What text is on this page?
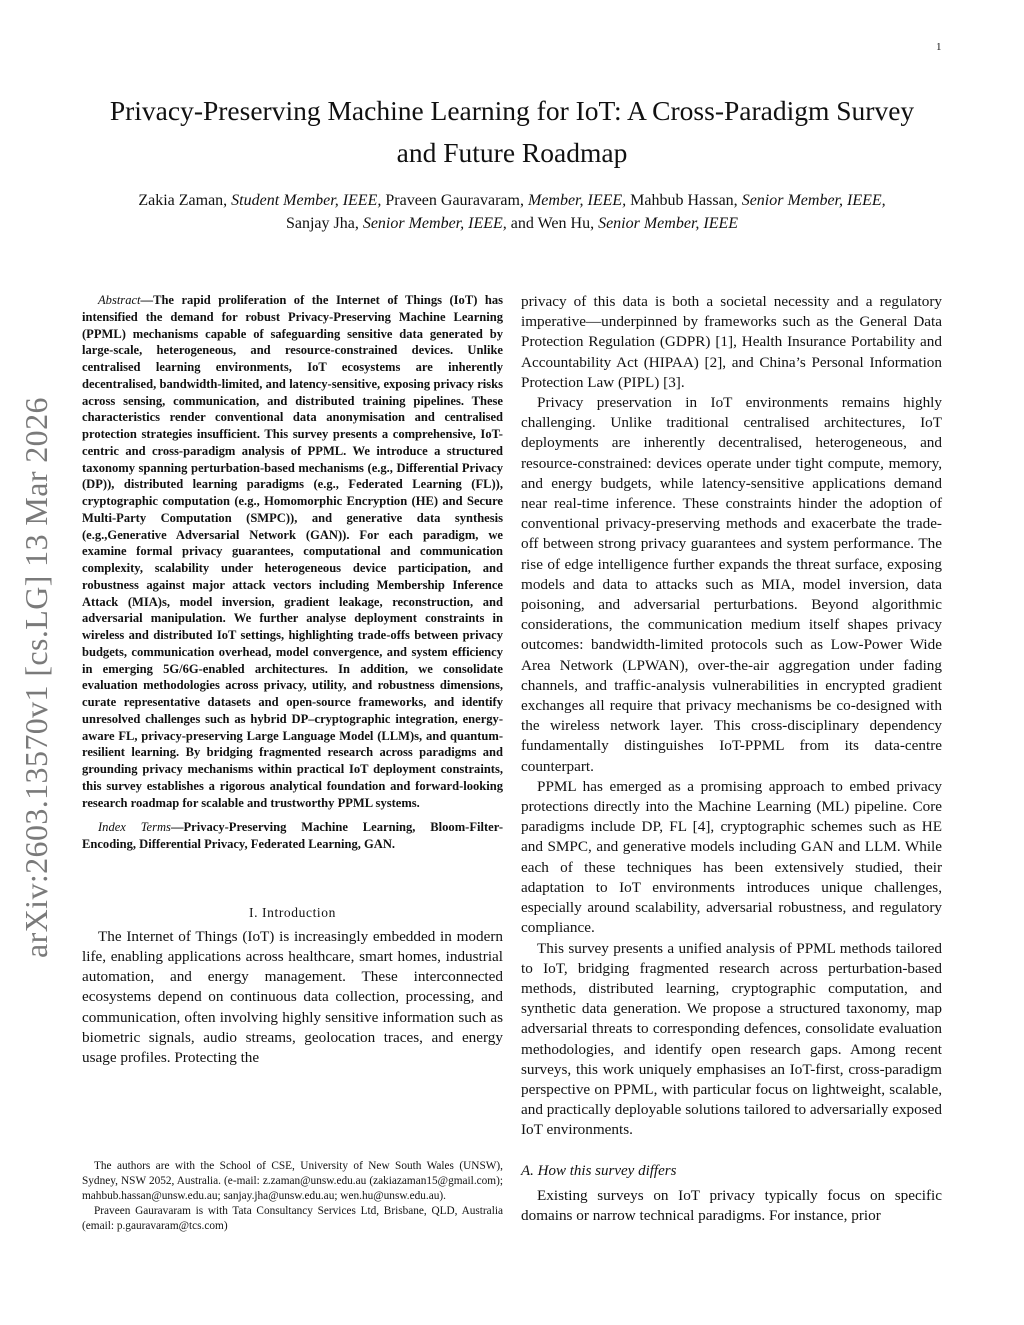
1
arXiv:2603.13570v1 [cs.LG] 13 Mar 2026
Privacy-Preserving Machine Learning for IoT: A Cross-Paradigm Survey and Future Roadmap
Zakia Zaman, Student Member, IEEE, Praveen Gauravaram, Member, IEEE, Mahbub Hassan, Senior Member, IEEE, Sanjay Jha, Senior Member, IEEE, and Wen Hu, Senior Member, IEEE

Abstract—The rapid proliferation of the Internet of Things (IoT) has intensified the demand for robust Privacy-Preserving Machine Learning (PPML) mechanisms capable of safeguarding sensitive data generated by large-scale, heterogeneous, and resource-constrained devices. Unlike centralised learning environments, IoT ecosystems are inherently decentralised, bandwidth-limited, and latency-sensitive, exposing privacy risks across sensing, communication, and distributed training pipelines. These characteristics render conventional data anonymisation and centralised protection strategies insufficient. This survey presents a comprehensive, IoT-centric and cross-paradigm analysis of PPML. We introduce a structured taxonomy spanning perturbation-based mechanisms (e.g., Differential Privacy (DP)), distributed learning paradigms (e.g., Federated Learning (FL)), cryptographic computation (e.g., Homomorphic Encryption (HE) and Secure Multi-Party Computation (SMPC)), and generative data synthesis (e.g.,Generative Adversarial Network (GAN)). For each paradigm, we examine formal privacy guarantees, computational and communication complexity, scalability under heterogeneous device participation, and robustness against major attack vectors including Membership Inference Attack (MIA)s, model inversion, gradient leakage, reconstruction, and adversarial manipulation. We further analyse deployment constraints in wireless and distributed IoT settings, highlighting trade-offs between privacy budgets, communication overhead, model convergence, and system efficiency in emerging 5G/6G-enabled architectures. In addition, we consolidate evaluation methodologies across privacy, utility, and robustness dimensions, curate representative datasets and open-source frameworks, and identify unresolved challenges such as hybrid DP–cryptographic integration, energy-aware FL, privacy-preserving Large Language Model (LLM)s, and quantum-resilient learning. By bridging fragmented research across paradigms and grounding privacy mechanisms within practical IoT deployment constraints, this survey establishes a rigorous analytical foundation and forward-looking research roadmap for scalable and trustworthy PPML systems.

Index Terms—Privacy-Preserving Machine Learning, Bloom-Filter-Encoding, Differential Privacy, Federated Learning, GAN.

I. Introduction

The Internet of Things (IoT) is increasingly embedded in modern life, enabling applications across healthcare, smart homes, industrial automation, and energy management. These interconnected ecosystems depend on continuous data collection, processing, and communication, often involving highly sensitive information such as biometric signals, audio streams, geolocation traces, and energy usage profiles. Protecting the

The authors are with the School of CSE, University of New South Wales (UNSW), Sydney, NSW 2052, Australia. (e-mail: z.zaman@unsw.edu.au (zakiazaman15@gmail.com); mahbub.hassan@unsw.edu.au; sanjay.jha@unsw.edu.au; wen.hu@unsw.edu.au).

Praveen Gauravaram is with Tata Consultancy Services Ltd, Brisbane, QLD, Australia (email: p.gauravaram@tcs.com)

privacy of this data is both a societal necessity and a regulatory imperative—underpinned by frameworks such as the General Data Protection Regulation (GDPR) [1], Health Insurance Portability and Accountability Act (HIPAA) [2], and China’s Personal Information Protection Law (PIPL) [3].

Privacy preservation in IoT environments remains highly challenging. Unlike traditional centralised architectures, IoT deployments are inherently decentralised, heterogeneous, and resource-constrained: devices operate under tight compute, memory, and energy budgets, while latency-sensitive applications demand near real-time inference. These constraints hinder the adoption of conventional privacy-preserving methods and exacerbate the trade-off between strong privacy guarantees and system performance. The rise of edge intelligence further expands the threat surface, exposing models and data to attacks such as MIA, model inversion, data poisoning, and adversarial perturbations. Beyond algorithmic considerations, the communication medium itself shapes privacy outcomes: bandwidth-limited protocols such as Low-Power Wide Area Network (LPWAN), over-the-air aggregation under fading channels, and traffic-analysis vulnerabilities in encrypted gradient exchanges all require that privacy mechanisms be co-designed with the wireless network layer. This cross-disciplinary dependency fundamentally distinguishes IoT-PPML from its data-centre counterpart.

PPML has emerged as a promising approach to embed privacy protections directly into the Machine Learning (ML) pipeline. Core paradigms include DP, FL [4], cryptographic schemes such as HE and SMPC, and generative models including GAN and LLM. While each of these techniques has been extensively studied, their adaptation to IoT environments introduces unique challenges, especially around scalability, adversarial robustness, and regulatory compliance.

This survey presents a unified analysis of PPML methods tailored to IoT, bridging fragmented research across perturbation-based methods, distributed learning, cryptographic computation, and synthetic data generation. We propose a structured taxonomy, map adversarial threats to corresponding defences, consolidate evaluation methodologies, and identify open research gaps. Among recent surveys, this work uniquely emphasises an IoT-first, cross-paradigm perspective on PPML, with particular focus on lightweight, scalable, and practically deployable solutions tailored to adversarially exposed IoT environments.

A. How this survey differs

Existing surveys on IoT privacy typically focus on specific domains or narrow technical paradigms. For instance, prior
